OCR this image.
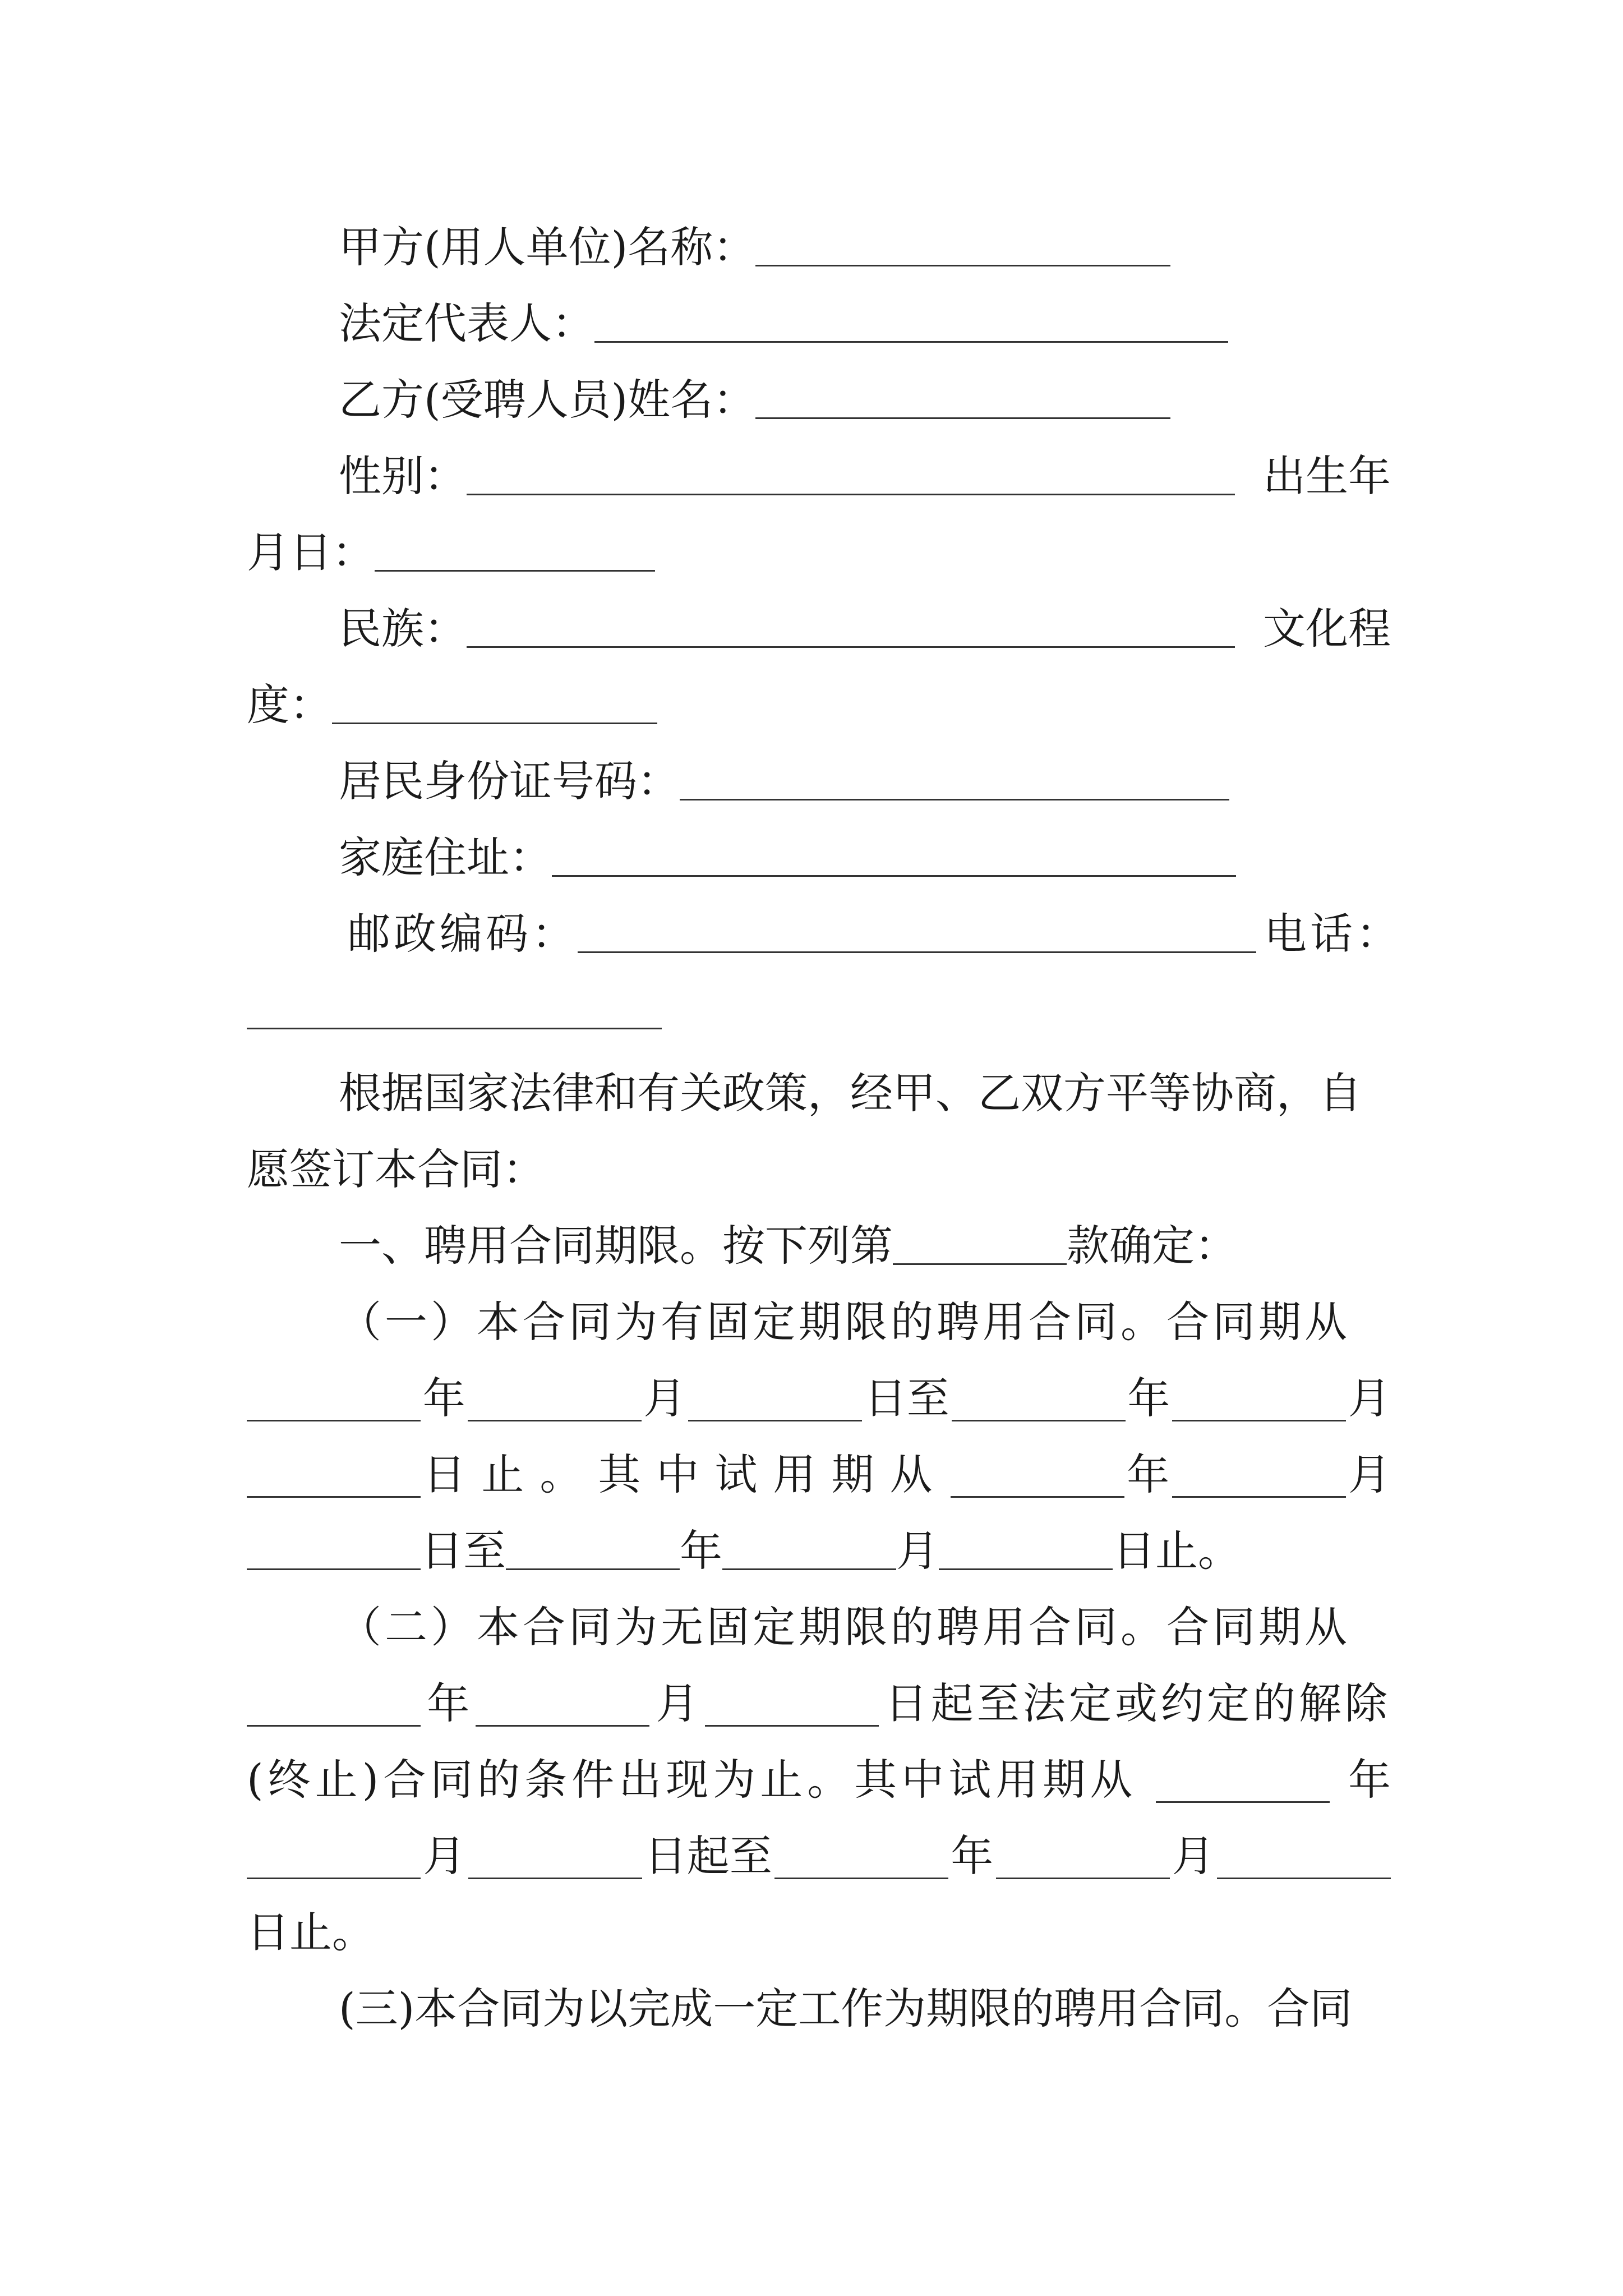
甲方(用人单位)名称：
法定代表人：
乙方(受聘人员)姓名：
性别：	出生年
月日：
民族：	文化程
度：
居民身份证号码：
家庭住址：
邮政编码：	电话：
根据国家法律和有关政策，经甲、乙双方平等协商，自
愿签订本合同：
一、聘用合同期限。按下列第	款确定：
（一）本合同为有固定期限的聘用合同。合同期从
年	月	日至	年	月
日止。其中试用期从	年	月
日至	年	月	日止。
（二）本合同为无固定期限的聘用合同。合同期从
年	月	日起至法定或约定的解除
(终止)合同的条件出现为止。其中试用期从	年
月	日起至	年	月
日止。
(三)本合同为以完成一定工作为期限的聘用合同。合同
